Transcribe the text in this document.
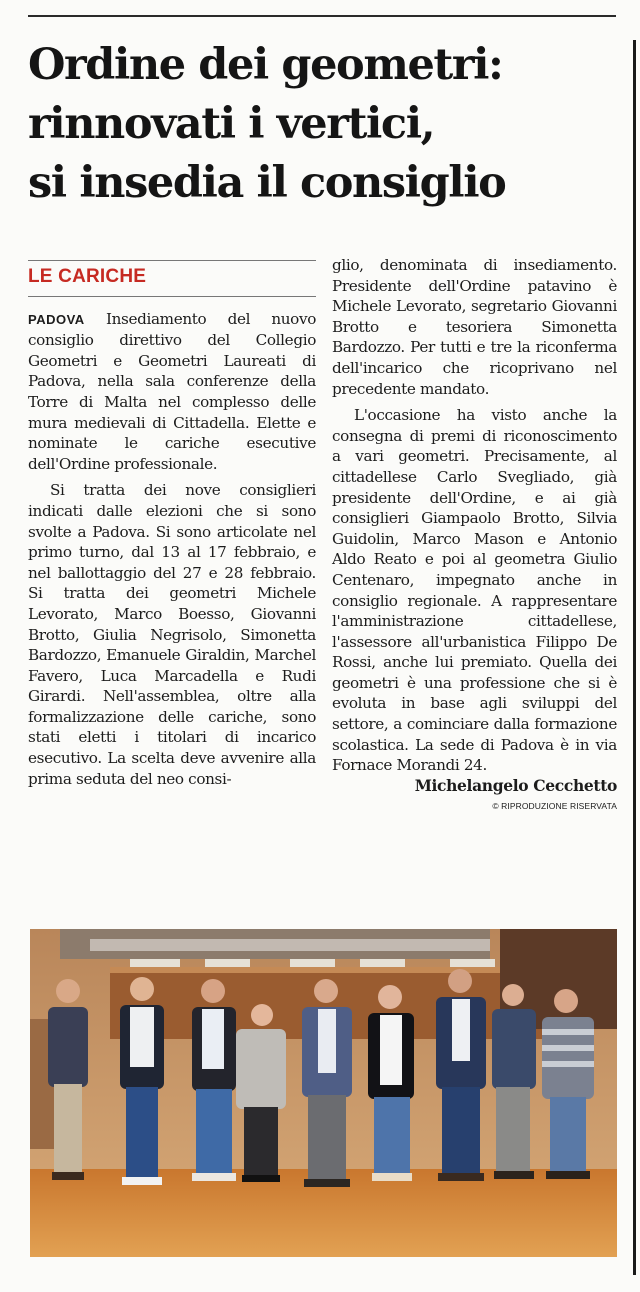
Ordine dei geometri:
rinnovati i vertici,
si insedia il consiglio
LE CARICHE

PADOVA Insediamento del nuovo consiglio direttivo del Collegio Geometri e Geometri Laureati di Padova, nella sala conferenze della Torre di Malta nel complesso delle mura medievali di Cittadella. Elette e nominate le cariche esecutive dell'Ordine professionale.

Si tratta dei nove consiglieri indicati dalle elezioni che si sono svolte a Padova. Si sono articolate nel primo turno, dal 13 al 17 febbraio, e nel ballottaggio del 27 e 28 febbraio. Si tratta dei geometri Michele Levorato, Marco Boesso, Giovanni Brotto, Giulia Negrisolo, Simonetta Bardozzo, Emanuele Giraldin, Marchel Favero, Luca Marcadella e Rudi Girardi. Nell'assemblea, oltre alla formalizzazione delle cariche, sono stati eletti i titolari di incarico esecutivo. La scelta deve avvenire alla prima seduta del neo consi-

glio, denominata di insediamento. Presidente dell'Ordine patavino è Michele Levorato, segretario Giovanni Brotto e tesoriera Simonetta Bardozzo. Per tutti e tre la riconferma dell'incarico che ricoprivano nel precedente mandato.

L'occasione ha visto anche la consegna di premi di riconoscimento a vari geometri. Precisamente, al cittadellese Carlo Svegliado, già presidente dell'Ordine, e ai già consiglieri Giampaolo Brotto, Silvia Guidolin, Marco Mason e Antonio Aldo Reato e poi al geometra Giulio Centenaro, impegnato anche in consiglio regionale. A rappresentare l'amministrazione cittadellese, l'assessore all'urbanistica Filippo De Rossi, anche lui premiato. Quella dei geometri è una professione che si è evoluta in base agli sviluppi del settore, a cominciare dalla formazione scolastica. La sede di Padova è in via Fornace Morandi 24.

Michelangelo Cecchetto

© RIPRODUZIONE RISERVATA
